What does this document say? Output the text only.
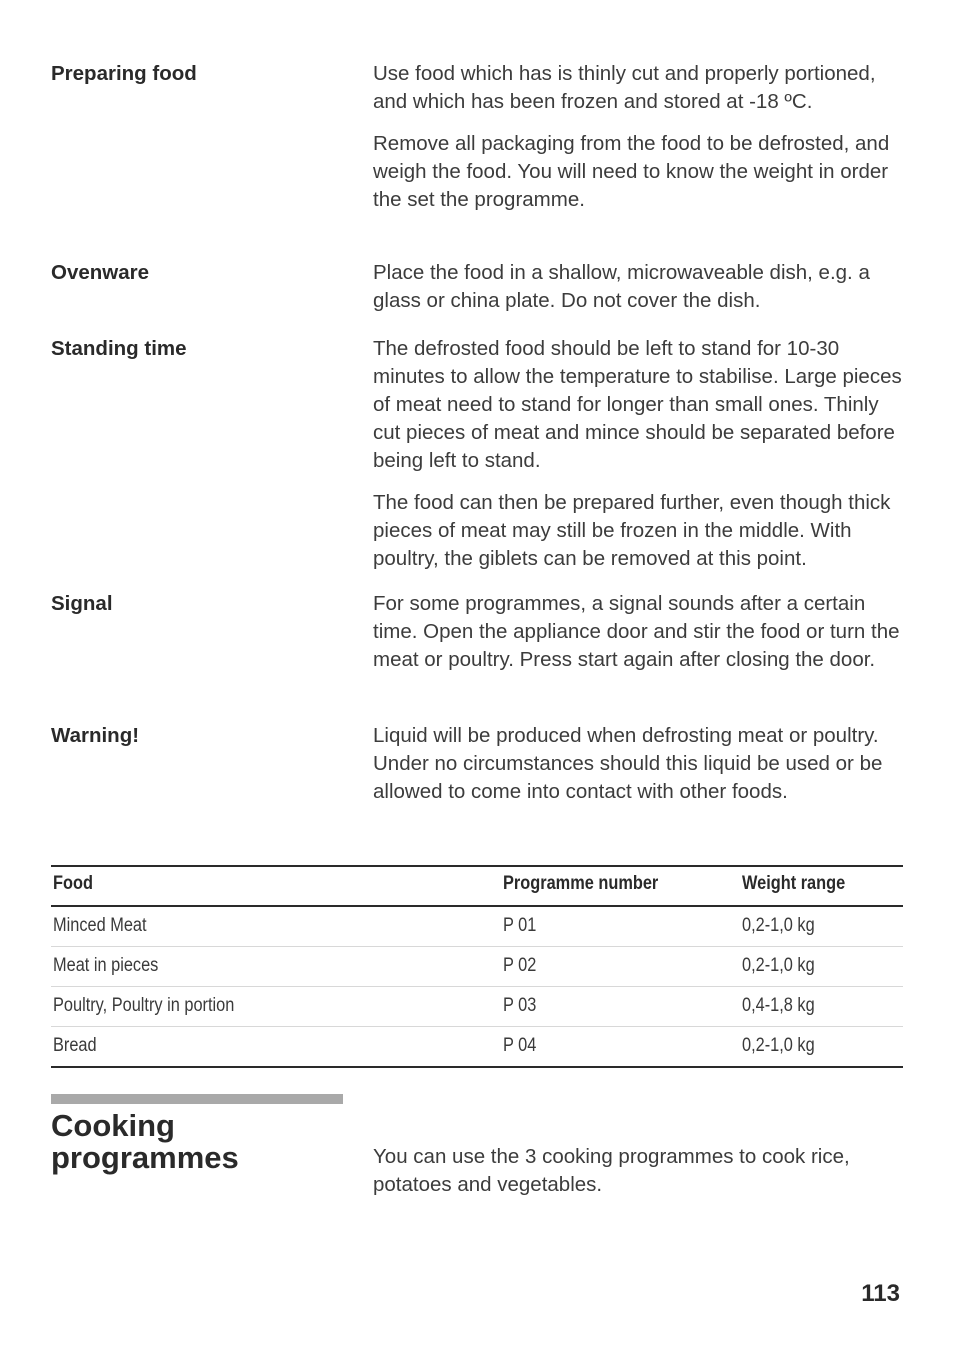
Preparing food	Use food which has is thinly cut and properly portioned, and which has been frozen and stored at -18 ºC.

Remove all packaging from the food to be defrosted, and weigh the food. You will need to know the weight in order the set the programme.

Ovenware	Place the food in a shallow, microwaveable dish, e.g. a glass or china plate. Do not cover the dish.

Standing time	The defrosted food should be left to stand for 10-30 minutes to allow the temperature to stabilise. Large pieces of meat need to stand for longer than small ones. Thinly cut pieces of meat and mince should be separated before being left to stand.

The food can then be prepared further, even though thick pieces of meat may still be frozen in the middle. With poultry, the giblets can be removed at this point.

Signal	For some programmes, a signal sounds after a certain time. Open the appliance door and stir the food or turn the meat or poultry. Press start again after closing the door.

Warning!	Liquid will be produced when defrosting meat or poultry. Under no circumstances should this liquid be used or be allowed to come into contact with other foods.

Food	Programme number	Weight range
Minced Meat	P 01	0,2-1,0 kg
Meat in pieces	P 02	0,2-1,0 kg
Poultry, Poultry in portion	P 03	0,4-1,8 kg
Bread	P 04	0,2-1,0 kg
Cooking
programmes	You can use the 3 cooking programmes to cook rice, potatoes and vegetables.
113
